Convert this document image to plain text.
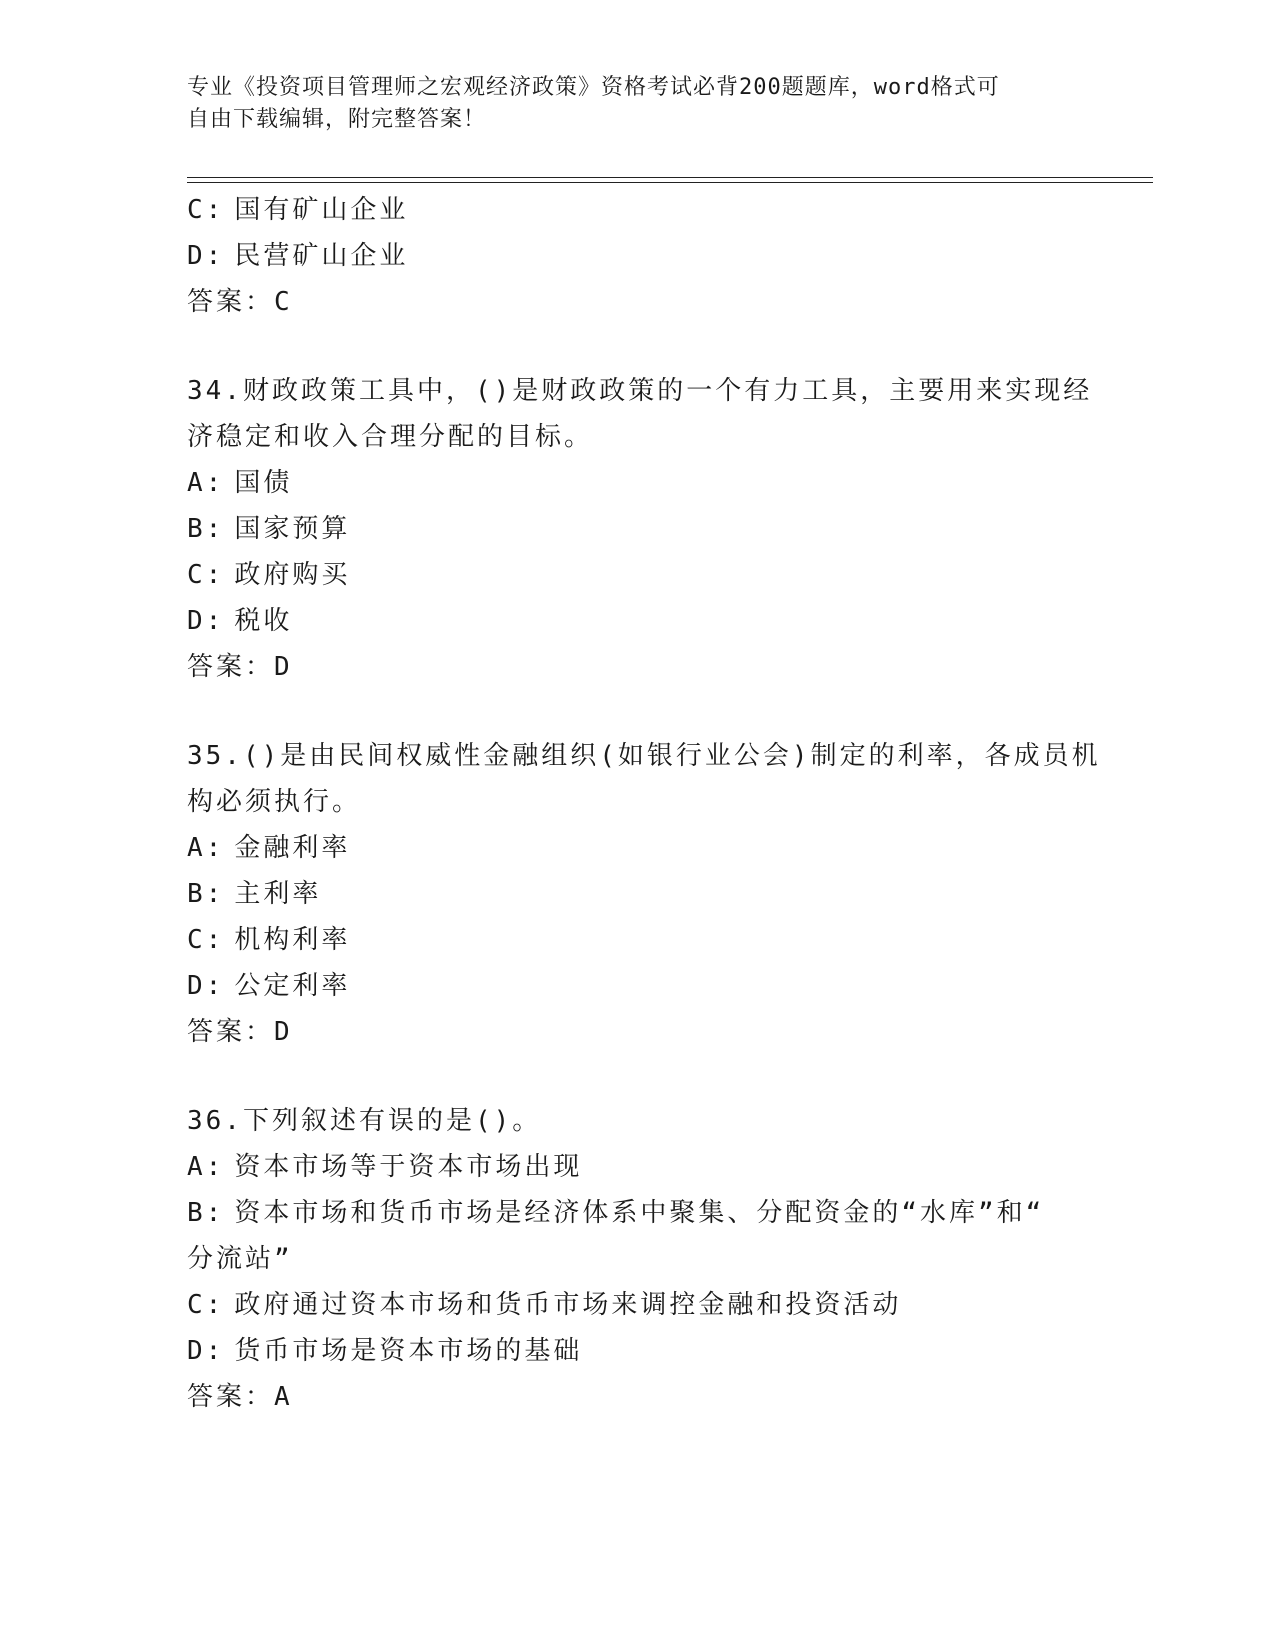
专业《投资项目管理师之宏观经济政策》资格考试必背200题题库，word格式可
自由下载编辑，附完整答案！
C: 国有矿山企业
D: 民营矿山企业
答案：C
34.财政政策工具中，()是财政政策的一个有力工具，主要用来实现经
济稳定和收入合理分配的目标。
A: 国债
B: 国家预算
C: 政府购买
D: 税收
答案：D
35.()是由民间权威性金融组织(如银行业公会)制定的利率，各成员机
构必须执行。
A: 金融利率
B: 主利率
C: 机构利率
D: 公定利率
答案：D
36.下列叙述有误的是()。
A: 资本市场等于资本市场出现
B: 资本市场和货币市场是经济体系中聚集、分配资金的“水库”和“
分流站”
C: 政府通过资本市场和货币市场来调控金融和投资活动
D: 货币市场是资本市场的基础
答案：A
